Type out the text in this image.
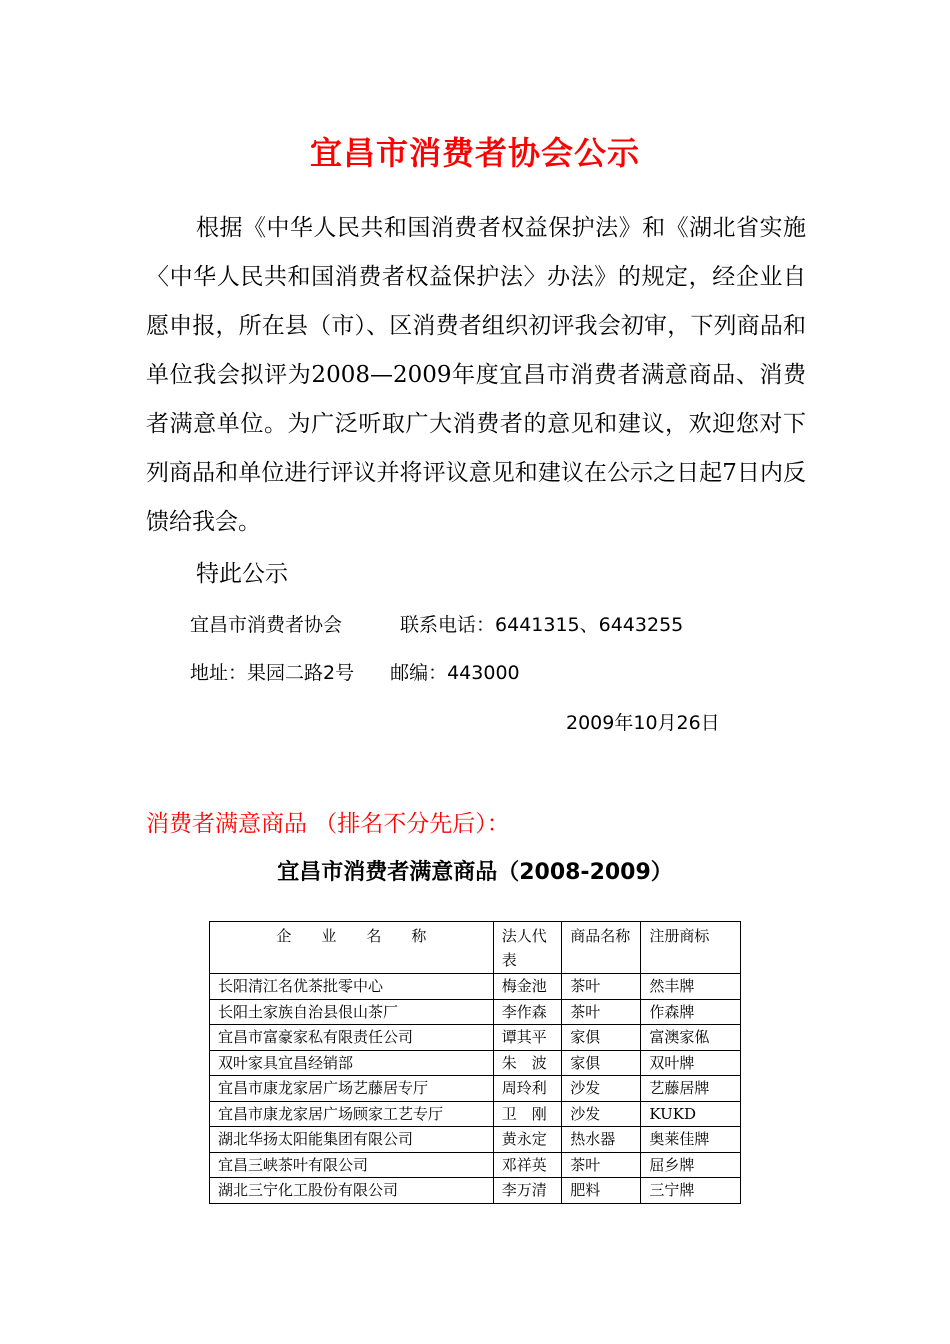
宜昌市消费者协会公示

根据《中华人民共和国消费者权益保护法》和《湖北省实施〈中华人民共和国消费者权益保护法〉办法》的规定，经企业自愿申报，所在县（市）、区消费者组织初评我会初审，下列商品和单位我会拟评为2008—2009年度宜昌市消费者满意商品、消费者满意单位。为广泛听取广大消费者的意见和建议，欢迎您对下列商品和单位进行评议并将评议意见和建议在公示之日起7日内反馈给我会。

特此公示
宜昌市消费者协会	联系电话：6441315、6443255
地址：果园二路2号 邮编：443000
2009年10月26日
消费者满意商品 （排名不分先后）：
宜昌市消费者满意商品（2008-2009）
企　　业　　名　　称	法人代表	商品名称	注册商标
长阳清江名优茶批零中心	梅金池	茶叶	然丰牌
长阳土家族自治县佷山茶厂	李作森	茶叶	作森牌
宜昌市富豪家私有限责任公司	谭其平	家俱	富澳家俬
双叶家具宜昌经销部	朱　波	家俱	双叶牌
宜昌市康龙家居广场艺藤居专厅	周玲利	沙发	艺藤居牌
宜昌市康龙家居广场顾家工艺专厅	卫　刚	沙发	KUKD
湖北华扬太阳能集团有限公司	黄永定	热水器	奥莱佳牌
宜昌三峡茶叶有限公司	邓祥英	茶叶	屈乡牌
湖北三宁化工股份有限公司	李万清	肥料	三宁牌
